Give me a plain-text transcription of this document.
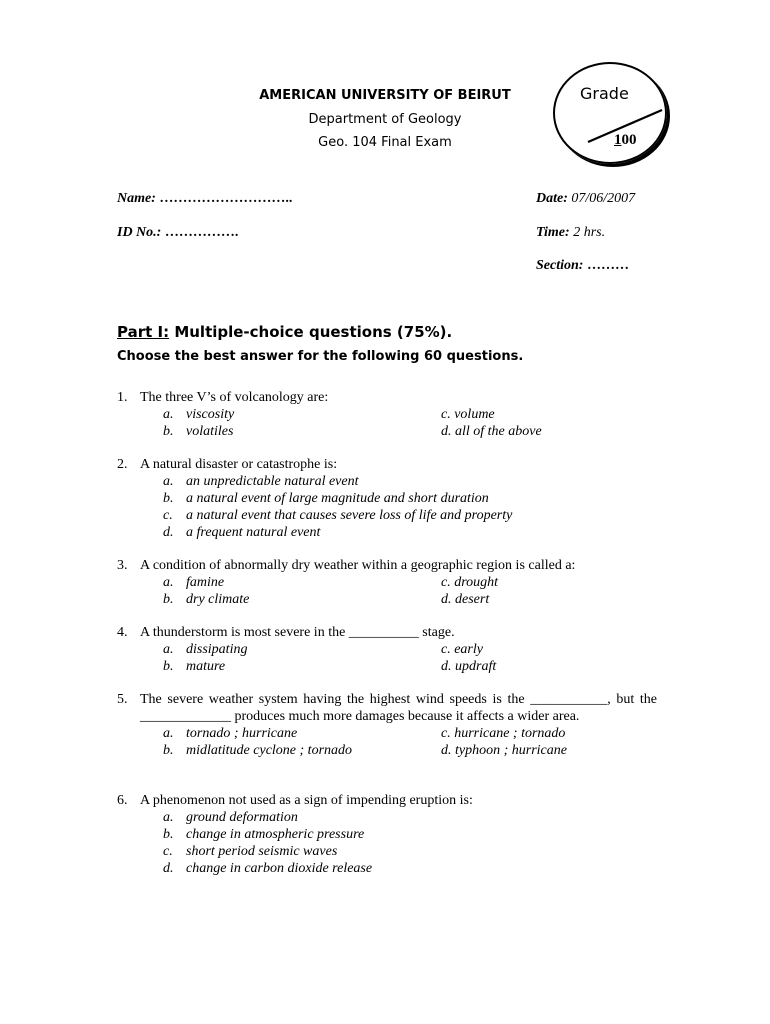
AMERICAN UNIVERSITY OF BEIRUT
Department of Geology
Geo. 104 Final Exam
Grade
100
Name: ………………………..
ID No.: …………….
Date: 07/06/2007
Time: 2 hrs.
Section: ………
Part I: Multiple-choice questions (75%).
Choose the best answer for the following 60 questions.
1. The three V’s of volcanology are:
a. viscosity	c. volume
b. volatiles	d. all of the above
2. A natural disaster or catastrophe is:
a. an unpredictable natural event
b. a natural event of large magnitude and short duration
c. a natural event that causes severe loss of life and property
d. a frequent natural event
3. A condition of abnormally dry weather within a geographic region is called a:
a. famine	c. drought
b. dry climate	d. desert
4. A thunderstorm is most severe in the __________ stage.
a. dissipating	c. early
b. mature	d. updraft
5. The severe weather system having the highest wind speeds is the ___________, but the _____________ produces much more damages because it affects a wider area.
a. tornado ; hurricane	c. hurricane ; tornado
b. midlatitude cyclone ; tornado	d. typhoon ; hurricane
6. A phenomenon not used as a sign of impending eruption is:
a. ground deformation
b. change in atmospheric pressure
c. short period seismic waves
d. change in carbon dioxide release
